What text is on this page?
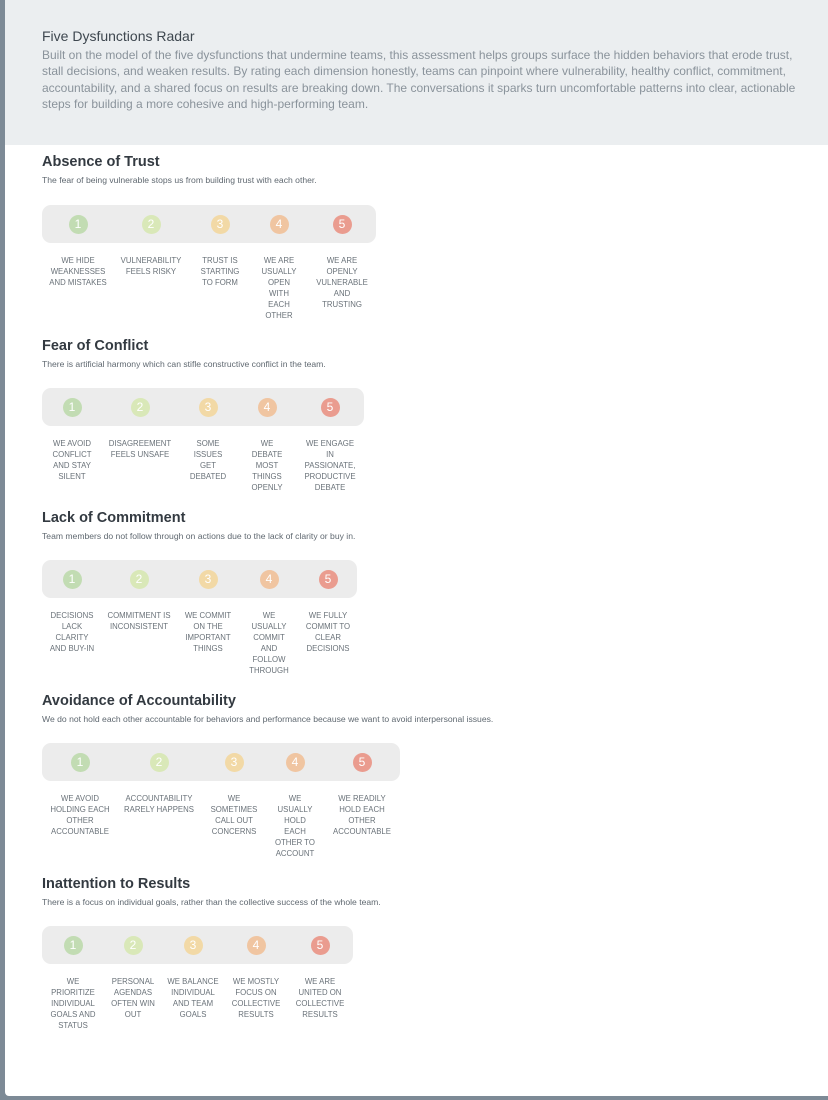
Five Dysfunctions Radar

Built on the model of the five dysfunctions that undermine teams, this assessment helps groups surface the hidden behaviors that erode trust, stall decisions, and weaken results. By rating each dimension honestly, teams can pinpoint where vulnerability, healthy conflict, commitment, accountability, and a shared focus on results are breaking down. The conversations it sparks turn uncomfortable patterns into clear, actionable steps for building a more cohesive and high-performing team.

Absence of Trust

The fear of being vulnerable stops us from building trust with each other.

1
WE HIDE WEAKNESSES AND MISTAKES
2
VULNERABILITY FEELS RISKY
3
TRUST IS STARTING TO FORM
4
WE ARE USUALLY OPEN WITH EACH OTHER
5
WE ARE OPENLY VULNERABLE AND TRUSTING
Fear of Conflict

There is artificial harmony which can stifle constructive conflict in the team.

1
WE AVOID CONFLICT AND STAY SILENT
2
DISAGREEMENT FEELS UNSAFE
3
SOME ISSUES GET DEBATED
4
WE DEBATE MOST THINGS OPENLY
5
WE ENGAGE IN PASSIONATE, PRODUCTIVE DEBATE
Lack of Commitment

Team members do not follow through on actions due to the lack of clarity or buy in.

1
DECISIONS LACK CLARITY AND BUY-IN
2
COMMITMENT IS INCONSISTENT
3
WE COMMIT ON THE IMPORTANT THINGS
4
WE USUALLY COMMIT AND FOLLOW THROUGH
5
WE FULLY COMMIT TO CLEAR DECISIONS
Avoidance of Accountability

We do not hold each other accountable for behaviors and performance because we want to avoid interpersonal issues.

1
WE AVOID HOLDING EACH OTHER ACCOUNTABLE
2
ACCOUNTABILITY RARELY HAPPENS
3
WE SOMETIMES CALL OUT CONCERNS
4
WE USUALLY HOLD EACH OTHER TO ACCOUNT
5
WE READILY HOLD EACH OTHER ACCOUNTABLE
Inattention to Results

There is a focus on individual goals, rather than the collective success of the whole team.

1
WE PRIORITIZE INDIVIDUAL GOALS AND STATUS
2
PERSONAL AGENDAS OFTEN WIN OUT
3
WE BALANCE INDIVIDUAL AND TEAM GOALS
4
WE MOSTLY FOCUS ON COLLECTIVE RESULTS
5
WE ARE UNITED ON COLLECTIVE RESULTS
